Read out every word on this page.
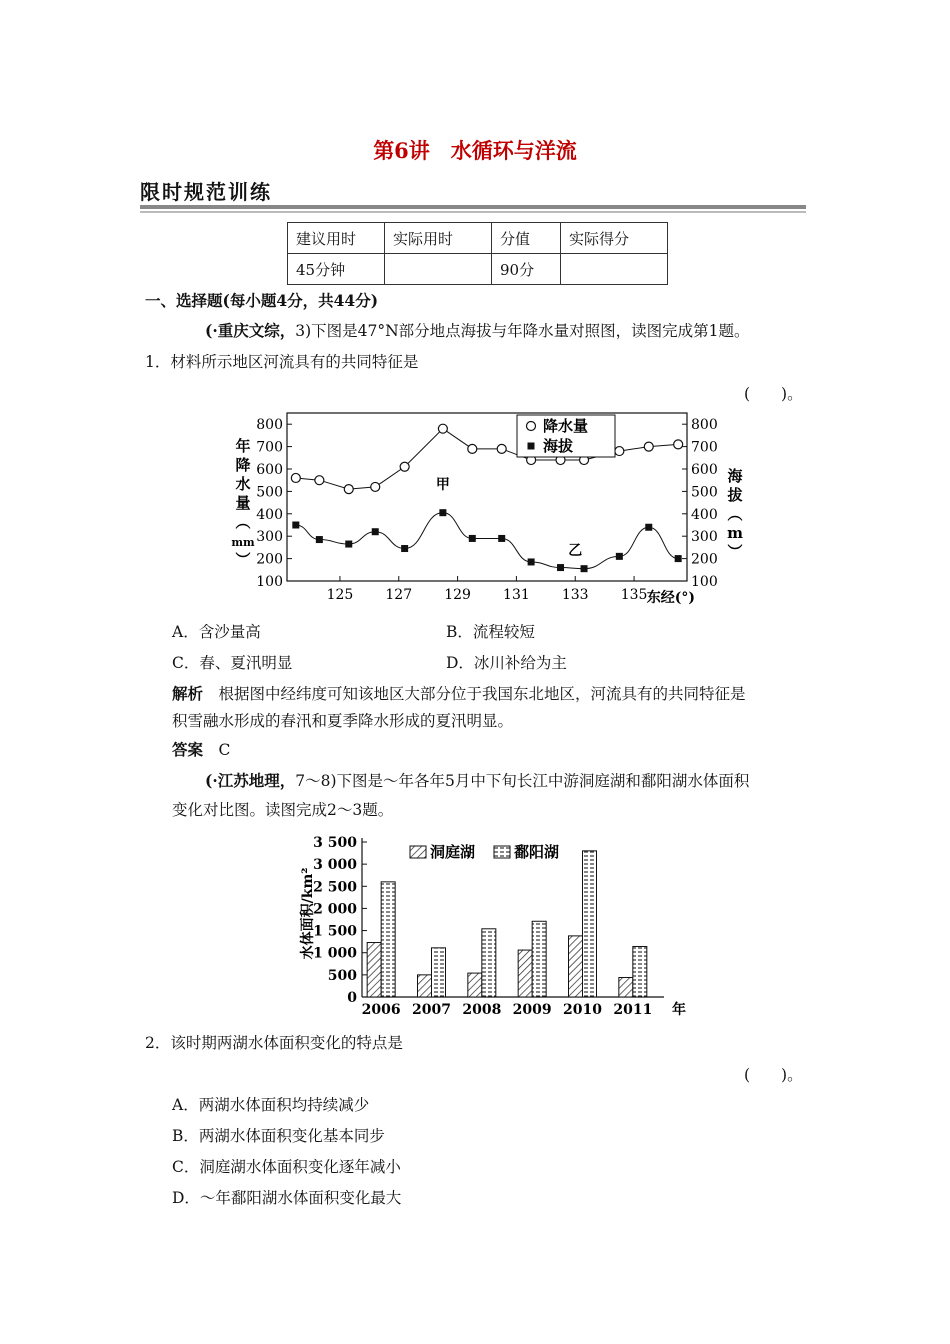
第6讲　水循环与洋流
限时规范训练
建议用时	实际用时	分值	实际得分
45分钟		90分	
一、选择题(每小题4分，共44分)
(·重庆文综，3)下图是47°N部分地点海拔与年降水量对照图，读图完成第1题。
1．材料所示地区河流具有的共同特征是
(　　)。
100	100
200	200
300	300
400	400
500	500
600	600
700	700
800	800
125 127 129 131 133 135 东经(°)
年
降
水
量
︵
mm
︶
海
拔
︵
m
︶
甲
乙
降水量
海拔
A．含沙量高	B．流程较短
C．春、夏汛明显	D．冰川补给为主
解析　 根据图中经纬度可知该地区大部分位于我国东北地区，河流具有的共同特征是
积雪融水形成的春汛和夏季降水形成的夏汛明显。
答案　 C
(·江苏地理，7～8)下图是～年各年5月中下旬长江中游洞庭湖和鄱阳湖水体面积
变化对比图。读图完成2～3题。
0
500
1 000
1 500
2 000
2 500
3 000
3 500
水体面积/km²
2006 2007 2008 2009 2010 2011 年
洞庭湖	鄱阳湖
2．该时期两湖水体面积变化的特点是
(　　)。
A．两湖水体面积均持续减少
B．两湖水体面积变化基本同步
C．洞庭湖水体面积变化逐年减小
D．～年鄱阳湖水体面积变化最大
